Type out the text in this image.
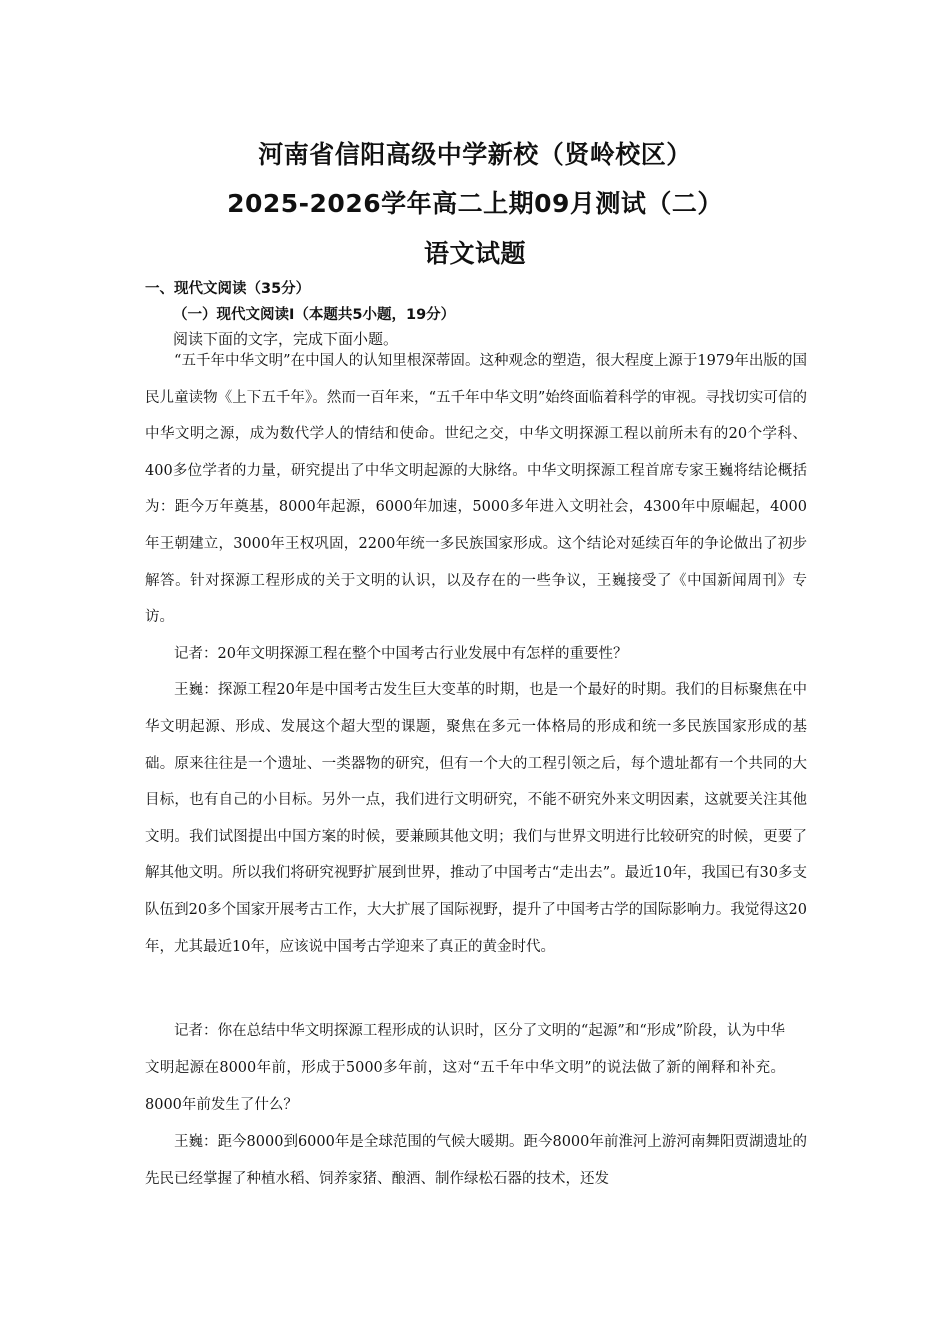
河南省信阳高级中学新校（贤岭校区）
2025-2026学年高二上期09月测试（二）
语文试题
一、现代文阅读（35分）
（一）现代文阅读Ⅰ（本题共5小题，19分）
阅读下面的文字，完成下面小题。

“五千年中华文明”在中国人的认知里根深蒂固。这种观念的塑造，很大程度上源于1979年出版的国民儿童读物《上下五千年》。然而一百年来，“五千年中华文明”始终面临着科学的审视。寻找切实可信的中华文明之源，成为数代学人的情结和使命。世纪之交，中华文明探源工程以前所未有的20个学科、400多位学者的力量，研究提出了中华文明起源的大脉络。中华文明探源工程首席专家王巍将结论概括为：距今万年奠基，8000年起源，6000年加速，5000多年进入文明社会，4300年中原崛起，4000年王朝建立，3000年王权巩固，2200年统一多民族国家形成。这个结论对延续百年的争论做出了初步解答。针对探源工程形成的关于文明的认识，以及存在的一些争议，王巍接受了《中国新闻周刊》专访。

记者：20年文明探源工程在整个中国考古行业发展中有怎样的重要性？

王巍：探源工程20年是中国考古发生巨大变革的时期，也是一个最好的时期。我们的目标聚焦在中华文明起源、形成、发展这个超大型的课题，聚焦在多元一体格局的形成和统一多民族国家形成的基础。原来往往是一个遗址、一类器物的研究，但有一个大的工程引领之后，每个遗址都有一个共同的大目标，也有自己的小目标。另外一点，我们进行文明研究，不能不研究外来文明因素，这就要关注其他文明。我们试图提出中国方案的时候，要兼顾其他文明；我们与世界文明进行比较研究的时候，更要了解其他文明。所以我们将研究视野扩展到世界，推动了中国考古“走出去”。最近10年，我国已有30多支队伍到20多个国家开展考古工作，大大扩展了国际视野，提升了中国考古学的国际影响力。我觉得这20年，尤其最近10年，应该说中国考古学迎来了真正的黄金时代。

记者：你在总结中华文明探源工程形成的认识时，区分了文明的“起源”和“形成”阶段，认为中华文明起源在8000年前，形成于5000多年前，这对“五千年中华文明”的说法做了新的阐释和补充。8000年前发生了什么？

王巍：距今8000到6000年是全球范围的气候大暖期。距今8000年前淮河上游河南舞阳贾湖遗址的先民已经掌握了种植水稻、饲养家猪、酿酒、制作绿松石器的技术，还发
